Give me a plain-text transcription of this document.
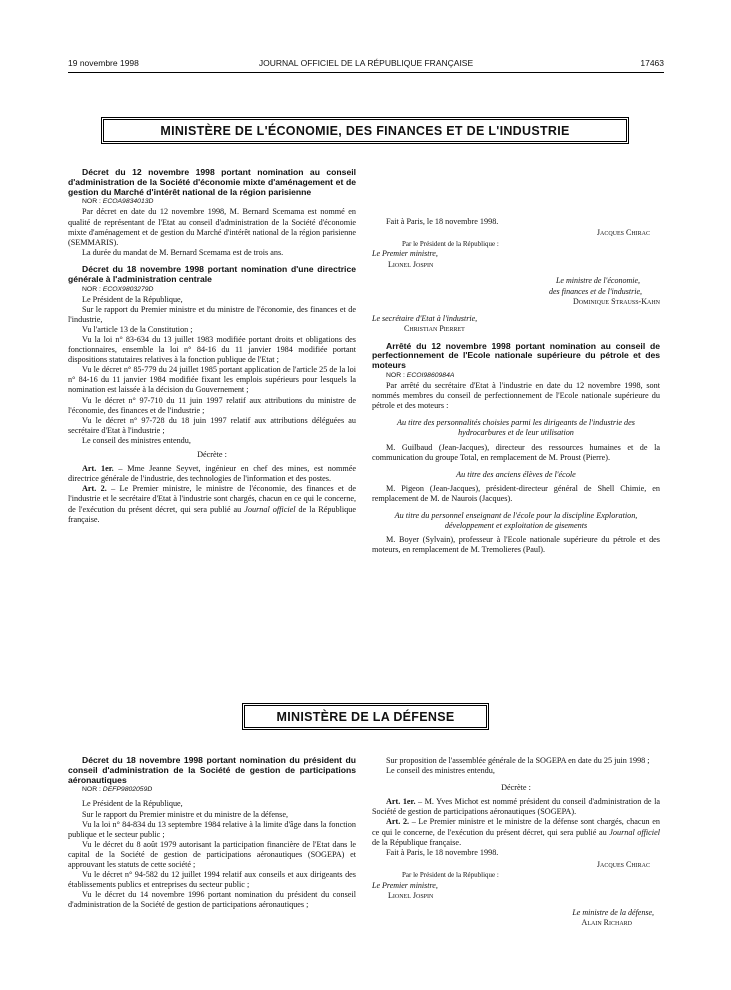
19 novembre 1998	JOURNAL OFFICIEL DE LA RÉPUBLIQUE FRANÇAISE	17463
MINISTÈRE DE L'ÉCONOMIE, DES FINANCES ET DE L'INDUSTRIE

Décret du 12 novembre 1998 portant nomination au conseil d'administration de la Société d'économie mixte d'aménagement et de gestion du Marché d'intérêt national de la région parisienne

NOR : ECOA9834013D

Par décret en date du 12 novembre 1998, M. Bernard Scemama est nommé en qualité de représentant de l'Etat au conseil d'administration de la Société d'économie mixte d'aménagement et de gestion du Marché d'intérêt national de la région parisienne (SEMMARIS).

La durée du mandat de M. Bernard Scemama est de trois ans.

Décret du 18 novembre 1998 portant nomination d'une directrice générale à l'administration centrale

NOR : ECOX9803279D

Le Président de la République,

Sur le rapport du Premier ministre et du ministre de l'économie, des finances et de l'industrie,

Vu l'article 13 de la Constitution ;

Vu la loi n° 83-634 du 13 juillet 1983 modifiée portant droits et obligations des fonctionnaires, ensemble la loi n° 84-16 du 11 janvier 1984 modifiée portant dispositions statutaires relatives à la fonction publique de l'Etat ;

Vu le décret n° 85-779 du 24 juillet 1985 portant application de l'article 25 de la loi n° 84-16 du 11 janvier 1984 modifiée fixant les emplois supérieurs pour lesquels la nomination est laissée à la décision du Gouvernement ;

Vu le décret n° 97-710 du 11 juin 1997 relatif aux attributions du ministre de l'économie, des finances et de l'industrie ;

Vu le décret n° 97-728 du 18 juin 1997 relatif aux attributions déléguées au secrétaire d'Etat à l'industrie ;

Le conseil des ministres entendu,

Décrète :

Art. 1er. – Mme Jeanne Seyvet, ingénieur en chef des mines, est nommée directrice générale de l'industrie, des technologies de l'information et des postes.

Art. 2. – Le Premier ministre, le ministre de l'économie, des finances et de l'industrie et le secrétaire d'Etat à l'industrie sont chargés, chacun en ce qui le concerne, de l'exécution du présent décret, qui sera publié au Journal officiel de la République française.

Fait à Paris, le 18 novembre 1998.

Jacques Chirac

Par le Président de la République :

Le Premier ministre,

Lionel Jospin

Le ministre de l'économie,

des finances et de l'industrie,

Dominique Strauss-Kahn

Le secrétaire d'Etat à l'industrie,

Christian Pierret

Arrêté du 12 novembre 1998 portant nomination au conseil de perfectionnement de l'Ecole nationale supérieure du pétrole et des moteurs

NOR : ECOI9860984A

Par arrêté du secrétaire d'Etat à l'industrie en date du 12 novembre 1998, sont nommés membres du conseil de perfectionnement de l'Ecole nationale supérieure du pétrole et des moteurs :

Au titre des personnalités choisies parmi les dirigeants de l'industrie des hydrocarbures et de leur utilisation

M. Guilbaud (Jean-Jacques), directeur des ressources humaines et de la communication du groupe Total, en remplacement de M. Proust (Pierre).

Au titre des anciens élèves de l'école

M. Pigeon (Jean-Jacques), président-directeur général de Shell Chimie, en remplacement de M. de Naurois (Jacques).

Au titre du personnel enseignant de l'école pour la discipline Exploration, développement et exploitation de gisements

M. Boyer (Sylvain), professeur à l'Ecole nationale supérieure du pétrole et des moteurs, en remplacement de M. Tremolieres (Paul).

MINISTÈRE DE LA DÉFENSE

Décret du 18 novembre 1998 portant nomination du président du conseil d'administration de la Société de gestion de participations aéronautiques

NOR : DEFP9802059D

Le Président de la République,

Sur le rapport du Premier ministre et du ministre de la défense,

Vu la loi n° 84-834 du 13 septembre 1984 relative à la limite d'âge dans la fonction publique et le secteur public ;

Vu le décret du 8 août 1979 autorisant la participation financière de l'Etat dans le capital de la Société de gestion de participations aéronautiques (SOGEPA) et approuvant les statuts de cette société ;

Vu le décret n° 94-582 du 12 juillet 1994 relatif aux conseils et aux dirigeants des établissements publics et entreprises du secteur public ;

Vu le décret du 14 novembre 1996 portant nomination du président du conseil d'administration de la Société de gestion de participations aéronautiques ;

Sur proposition de l'assemblée générale de la SOGEPA en date du 25 juin 1998 ;

Le conseil des ministres entendu,

Décrète :

Art. 1er. – M. Yves Michot est nommé président du conseil d'administration de la Société de gestion de participations aéronautiques (SOGEPA).

Art. 2. – Le Premier ministre et le ministre de la défense sont chargés, chacun en ce qui le concerne, de l'exécution du présent décret, qui sera publié au Journal officiel de la République française.

Fait à Paris, le 18 novembre 1998.

Jacques Chirac

Par le Président de la République :

Le Premier ministre,

Lionel Jospin

Le ministre de la défense,

Alain Richard
